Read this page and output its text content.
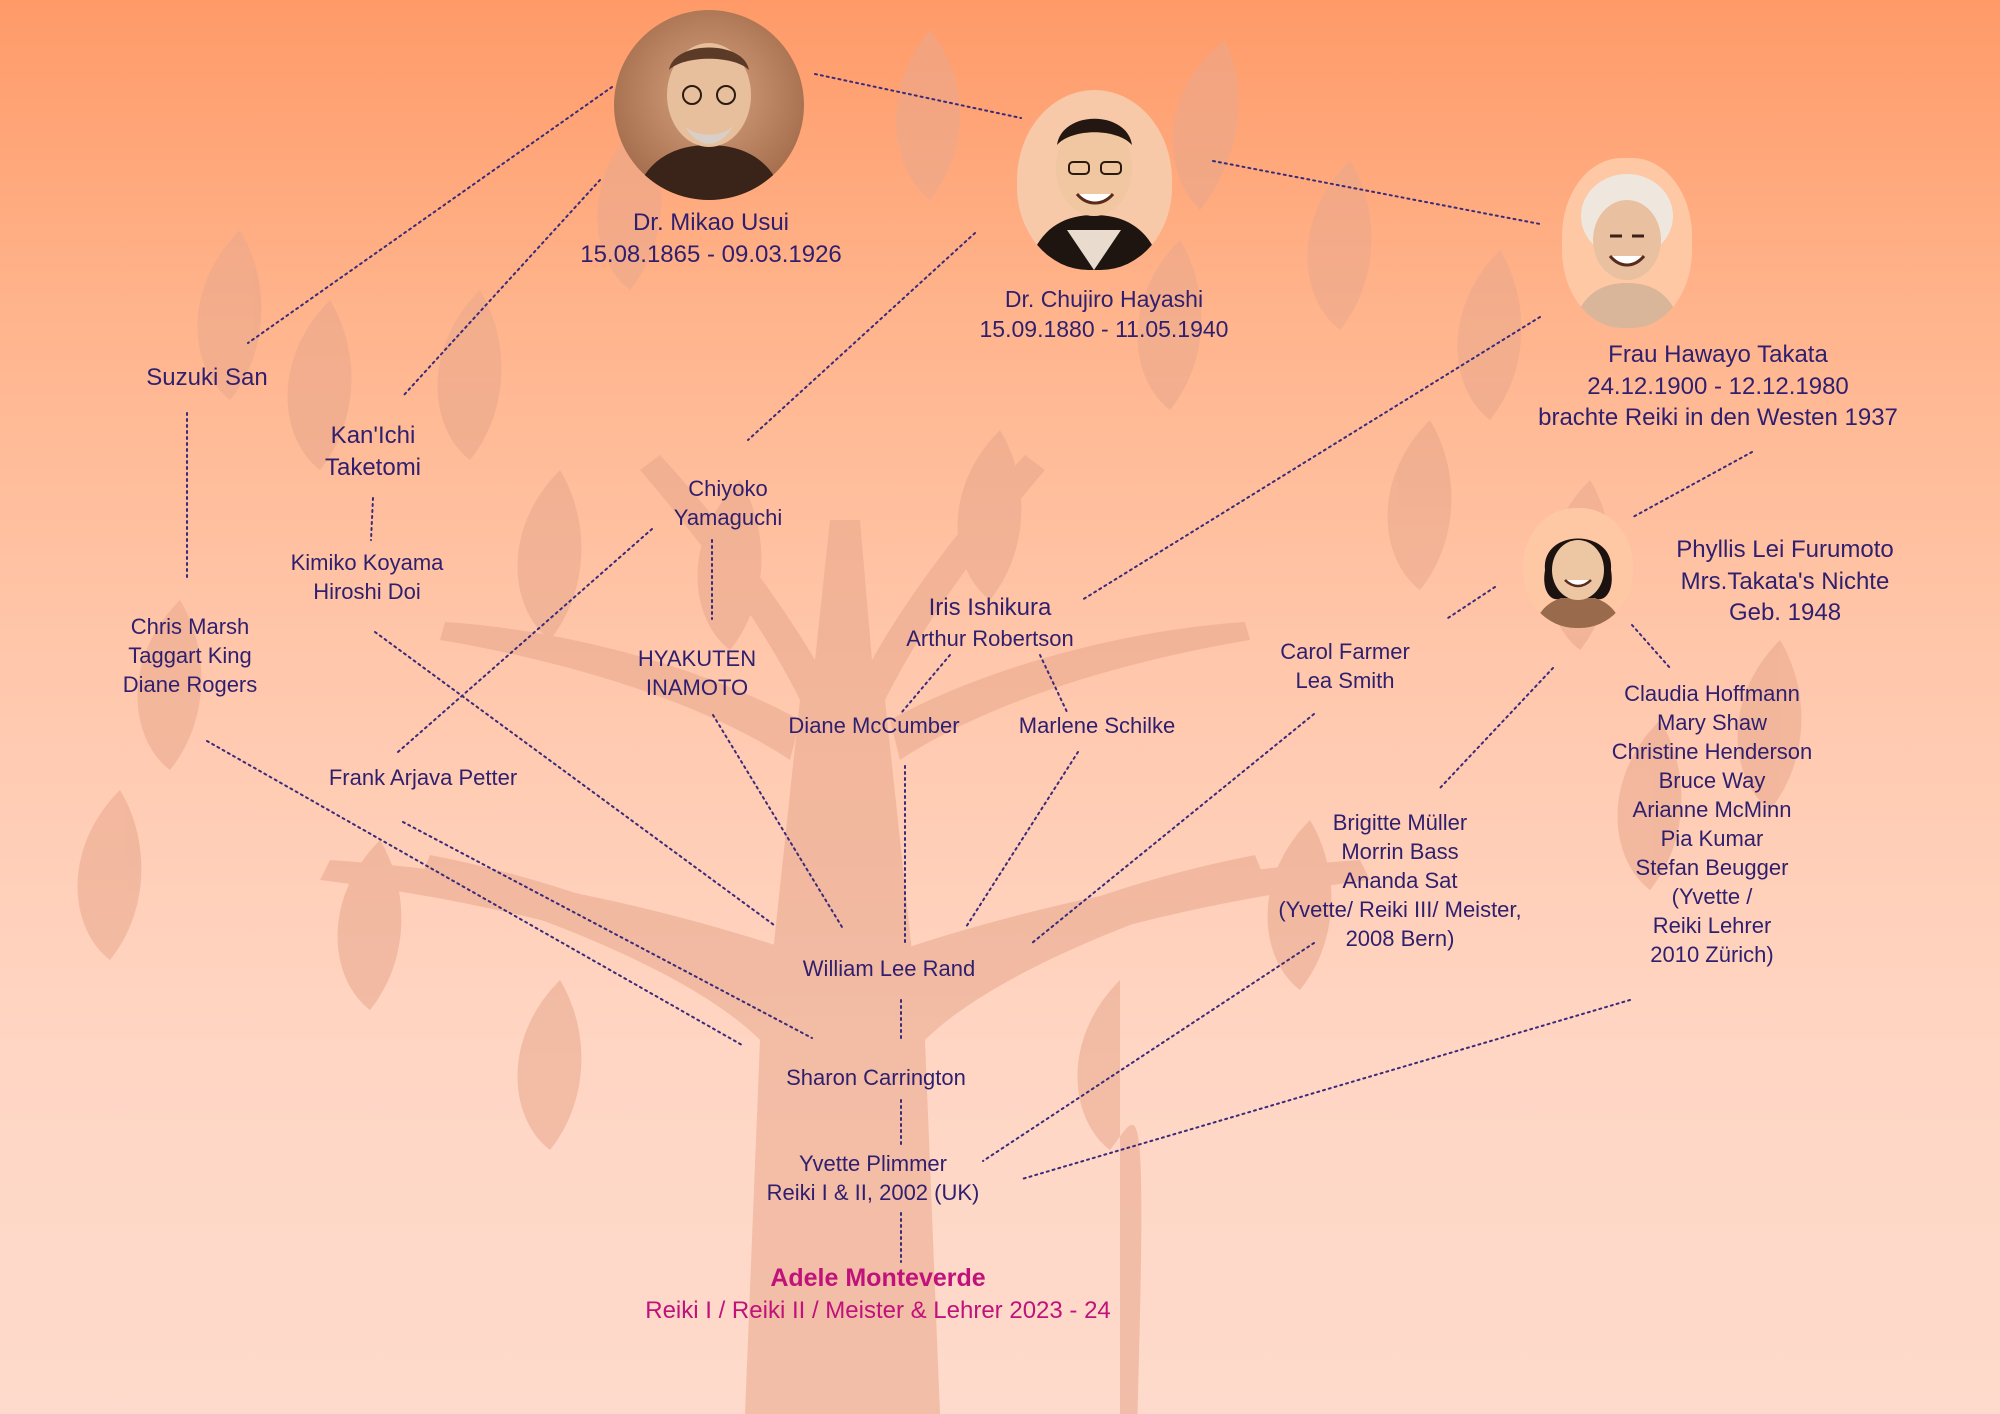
Dr. Mikao Usui
15.08.1865 - 09.03.1926
Dr. Chujiro Hayashi
15.09.1880 - 11.05.1940
Frau Hawayo Takata
24.12.1900 - 12.12.1980
brachte Reiki in den Westen 1937
Phyllis Lei Furumoto
Mrs.Takata's Nichte
Geb. 1948
Suzuki San
Kan'Ichi
Taketomi
Kimiko Koyama
Hiroshi Doi
Chris Marsh
Taggart King
Diane Rogers
Chiyoko
Yamaguchi
HYAKUTEN
INAMOTO
Frank Arjava Petter
Iris Ishikura
Arthur Robertson
Diane McCumber	Marlene Schilke
Carol Farmer
Lea Smith
Brigitte Müller
Morrin Bass
Ananda Sat
(Yvette/ Reiki III/ Meister,
2008 Bern)
Claudia Hoffmann
Mary Shaw
Christine Henderson
Bruce Way
Arianne McMinn
Pia Kumar
Stefan Beugger
(Yvette /
Reiki Lehrer
2010 Zürich)
William Lee Rand
Sharon Carrington
Yvette Plimmer
Reiki I & II, 2002 (UK)
Adele Monteverde
Reiki I / Reiki II / Meister & Lehrer 2023 - 24
